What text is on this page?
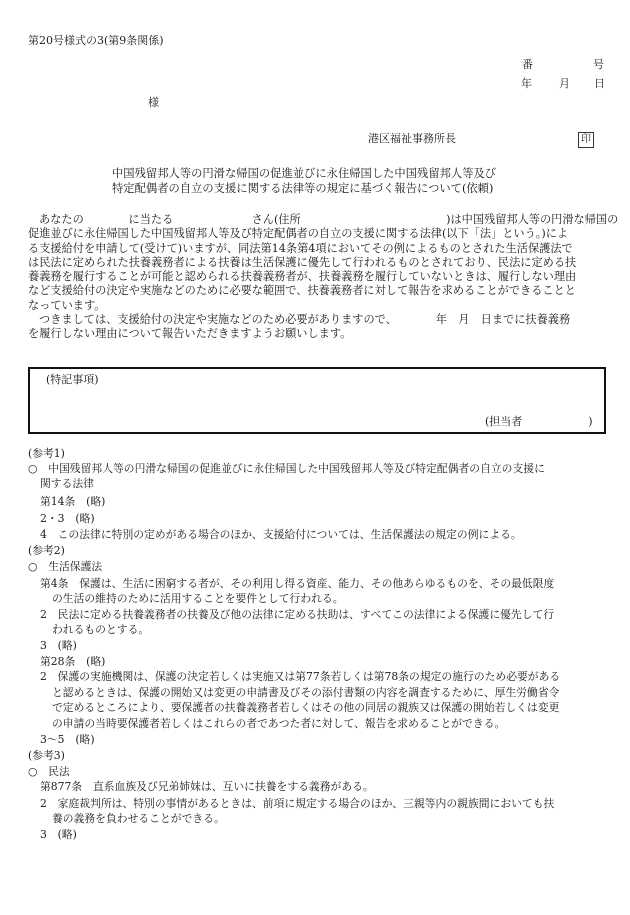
第20号様式の3(第9条関係)
番	号
年 月 日
様
港区福祉事務所長	印
中国残留邦人等の円滑な帰国の促進並びに永住帰国した中国残留邦人等及び
特定配偶者の自立の支援に関する法律等の規定に基づく報告について(依頼)
あなたの　　　　に当たる　　　　　　　さん(住所　　　　　　　　　　　　　)は中国残留邦人等の円滑な帰国の
促進並びに永住帰国した中国残留邦人等及び特定配偶者の自立の支援に関する法律(以下「法」という。)によ
る支援給付を申請して(受けて)いますが、同法第14条第4項においてその例によるものとされた生活保護法で
は民法に定められた扶養義務者による扶養は生活保護に優先して行われるものとされており、民法に定める扶
養義務を履行することが可能と認められる扶養義務者が、扶養義務を履行していないときは、履行しない理由
など支援給付の決定や実施などのために必要な範囲で、扶養義務者に対して報告を求めることができることと
なっています。
つきましては、支援給付の決定や実施などのため必要がありますので、　　　　年　月　日までに扶養義務
を履行しない理由について報告いただきますようお願いします。
(特記事項)
(担当者　　　　　　)
(参考1)
○　中国残留邦人等の円滑な帰国の促進並びに永住帰国した中国残留邦人等及び特定配偶者の自立の支援に
関する法律
第14条　(略)
2・3　(略)
4　この法律に特別の定めがある場合のほか、支援給付については、生活保護法の規定の例による。
(参考2)
○　生活保護法
第4条　保護は、生活に困窮する者が、その利用し得る資産、能力、その他あらゆるものを、その最低限度
の生活の維持のために活用することを要件として行われる。
2　民法に定める扶養義務者の扶養及び他の法律に定める扶助は、すべてこの法律による保護に優先して行
われるものとする。
3　(略)
第28条　(略)
2　保護の実施機関は、保護の決定若しくは実施又は第77条若しくは第78条の規定の施行のため必要がある
と認めるときは、保護の開始又は変更の申請書及びその添付書類の内容を調査するために、厚生労働省令
で定めるところにより、要保護者の扶養義務者若しくはその他の同居の親族又は保護の開始若しくは変更
の申請の当時要保護者若しくはこれらの者であつた者に対して、報告を求めることができる。
3〜5　(略)
(参考3)
○　民法
第877条　直系血族及び兄弟姉妹は、互いに扶養をする義務がある。
2　家庭裁判所は、特別の事情があるときは、前項に規定する場合のほか、三親等内の親族間においても扶
養の義務を負わせることができる。
3　(略)
